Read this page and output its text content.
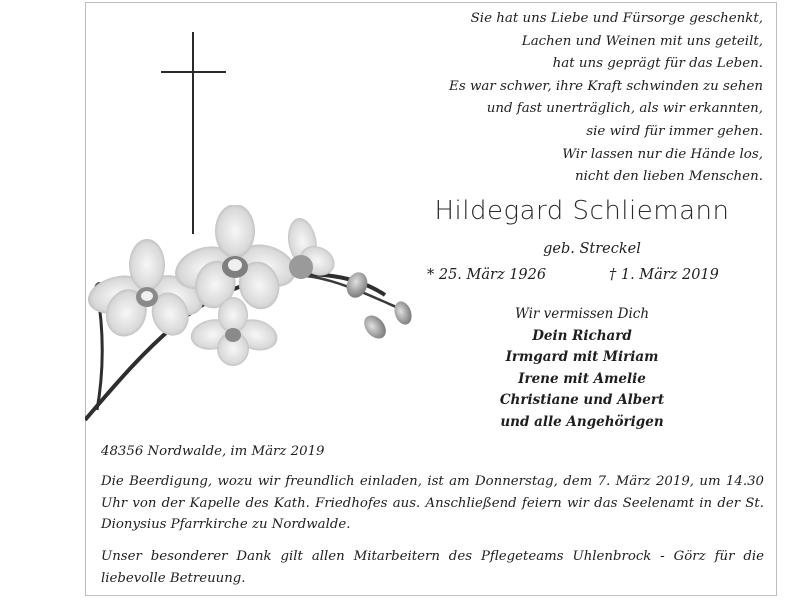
Sie hat uns Liebe und Fürsorge geschenkt,
Lachen und Weinen mit uns geteilt,
hat uns geprägt für das Leben.
Es war schwer, ihre Kraft schwinden zu sehen
und fast unerträglich, als wir erkannten,
sie wird für immer gehen.
Wir lassen nur die Hände los,
nicht den lieben Menschen.
Hildegard Schliemann
geb. Streckel
* 25. März 1926	† 1. März 2019
Wir vermissen Dich
Dein Richard
Irmgard mit Miriam
Irene mit Amelie
Christiane und Albert
und alle Angehörigen
48356 Nordwalde, im März 2019
Die Beerdigung, wozu wir freundlich einladen, ist am Donnerstag, dem 7. März 2019, um 14.30 Uhr von der Kapelle des Kath. Friedhofes aus. Anschließend feiern wir das Seelenamt in der St. Dionysius Pfarrkirche zu Nordwalde.
Unser besonderer Dank gilt allen Mitarbeitern des Pflegeteams Uhlenbrock - Görz für die liebevolle Betreuung.
